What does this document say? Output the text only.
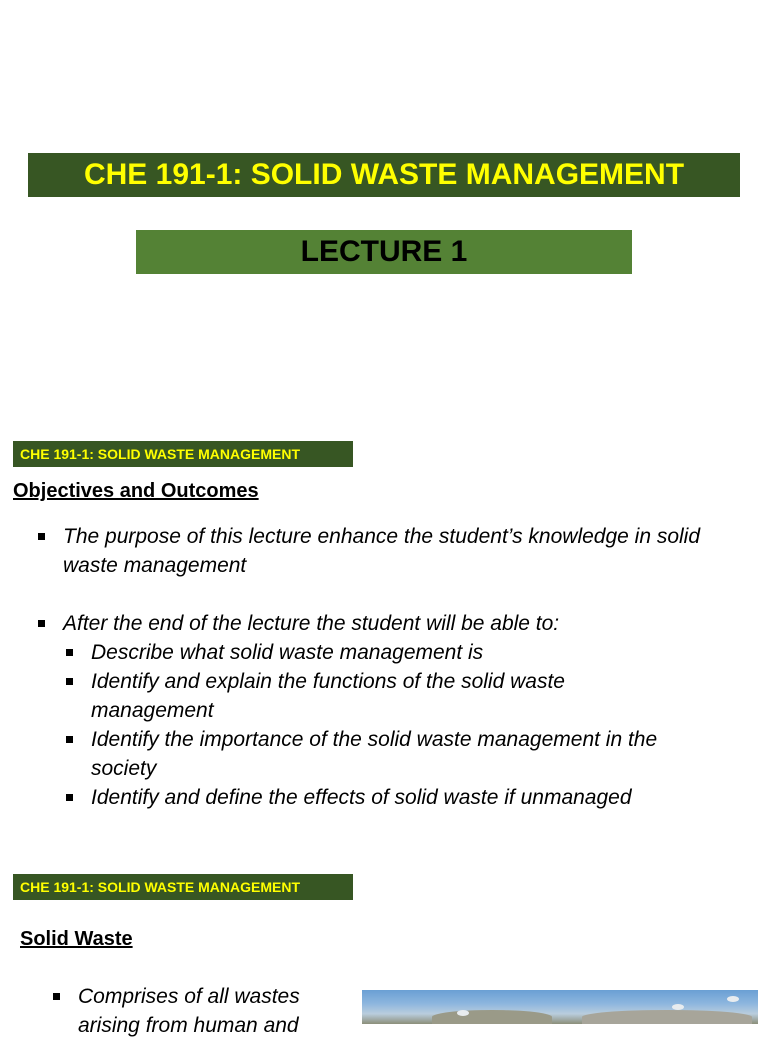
CHE 191-1: SOLID WASTE MANAGEMENT
LECTURE 1
CHE 191-1: SOLID WASTE MANAGEMENT
Objectives and Outcomes
The purpose of this lecture enhance the student’s knowledge in solid waste management
After the end of the lecture the student will be able to:
Describe what solid waste management is
Identify and explain the functions of the solid waste management
Identify the importance of the solid waste management in the society
Identify and define the effects of solid waste if unmanaged
CHE 191-1: SOLID WASTE MANAGEMENT
Solid Waste
Comprises of all wastes arising from human and
